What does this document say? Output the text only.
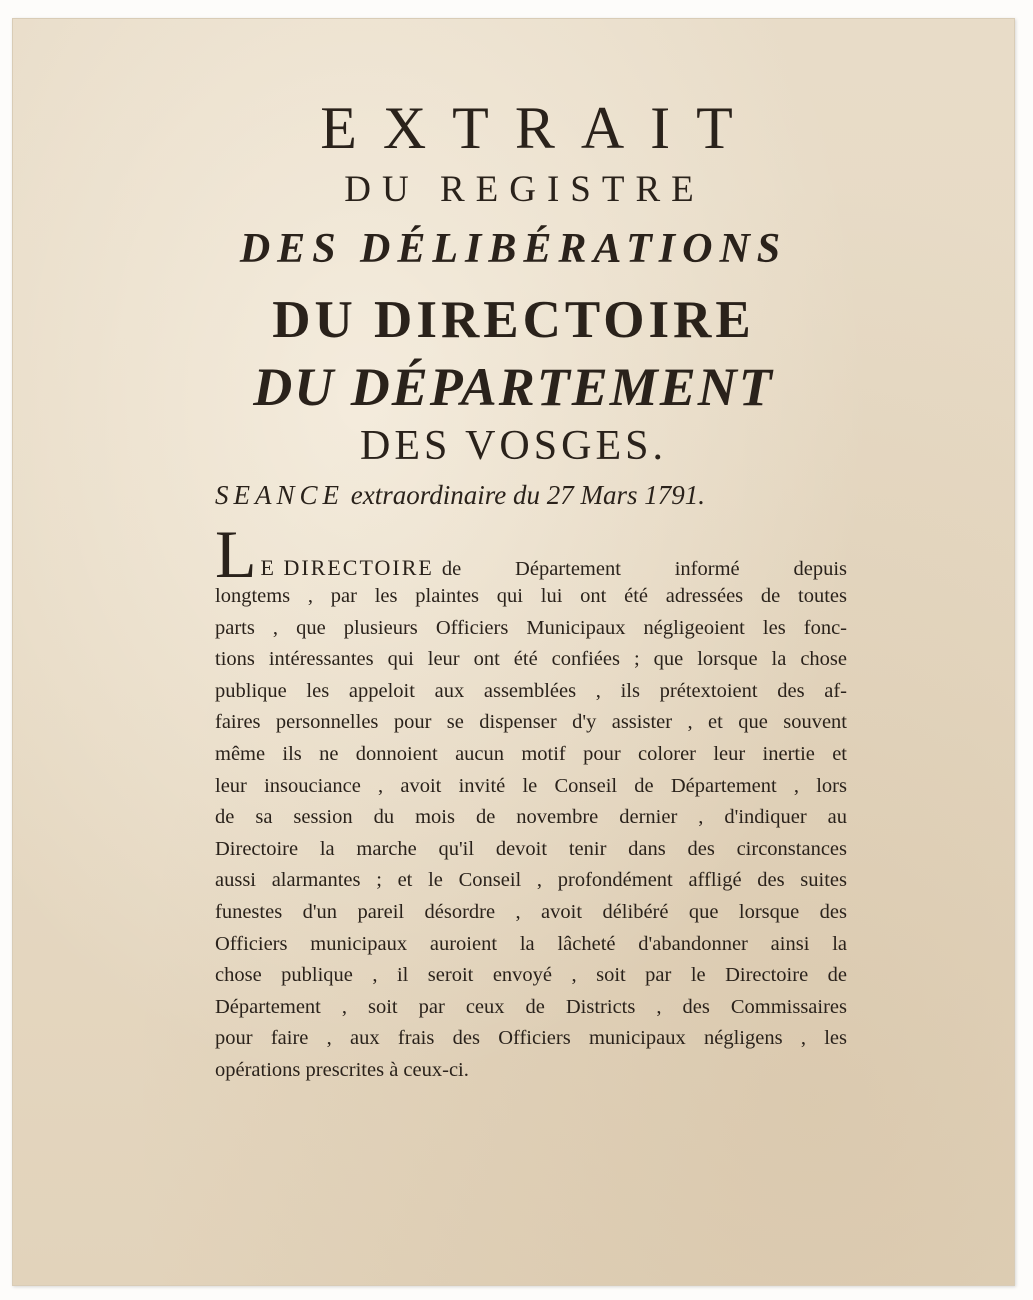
EXTRAIT
DU REGISTRE
DES DÉLIBÉRATIONS
DU DIRECTOIRE
DU DÉPARTEMENT
DES VOSGES.
SEANCE extraordinaire du 27 Mars 1791.
L E DIRECTOIRE de Département informé depuis
longtems , par les plaintes qui lui ont été adressées de toutes
parts , que plusieurs Officiers Municipaux négligeoient les fonc-
tions intéressantes qui leur ont été confiées ; que lorsque la chose
publique les appeloit aux assemblées , ils prétextoient des af-
faires personnelles pour se dispenser d'y assister , et que souvent
même ils ne donnoient aucun motif pour colorer leur inertie et
leur insouciance , avoit invité le Conseil de Département , lors
de sa session du mois de novembre dernier , d'indiquer au
Directoire la marche qu'il devoit tenir dans des circonstances
aussi alarmantes ; et le Conseil , profondément affligé des suites
funestes d'un pareil désordre , avoit délibéré que lorsque des
Officiers municipaux auroient la lâcheté d'abandonner ainsi la
chose publique , il seroit envoyé , soit par le Directoire de
Département , soit par ceux de Districts , des Commissaires
pour faire , aux frais des Officiers municipaux négligens , les
opérations prescrites à ceux-ci.
